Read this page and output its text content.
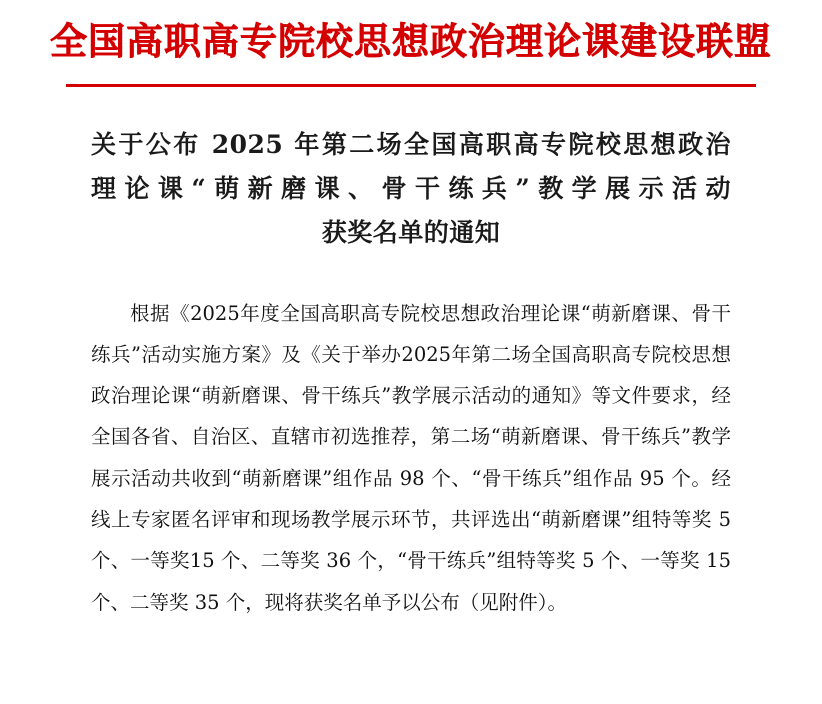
全国高职高专院校思想政治理论课建设联盟
关于公布 2025 年第二场全国高职高专院校思想政治
理论课“萌新磨课、骨干练兵”教学展示活动
获奖名单的通知

根据《2025年度全国高职高专院校思想政治理论课“萌新磨课、骨干练兵”活动实施方案》及《关于举办2025年第二场全国高职高专院校思想政治理论课“萌新磨课、骨干练兵”教学展示活动的通知》等文件要求，经全国各省、自治区、直辖市初选推荐，第二场“萌新磨课、骨干练兵”教学展示活动共收到“萌新磨课”组作品 98 个、“骨干练兵”组作品 95 个。经线上专家匿名评审和现场教学展示环节，共评选出“萌新磨课”组特等奖 5 个、一等奖15 个、二等奖 36 个，“骨干练兵”组特等奖 5 个、一等奖 15 个、二等奖 35 个，现将获奖名单予以公布（见附件）。
